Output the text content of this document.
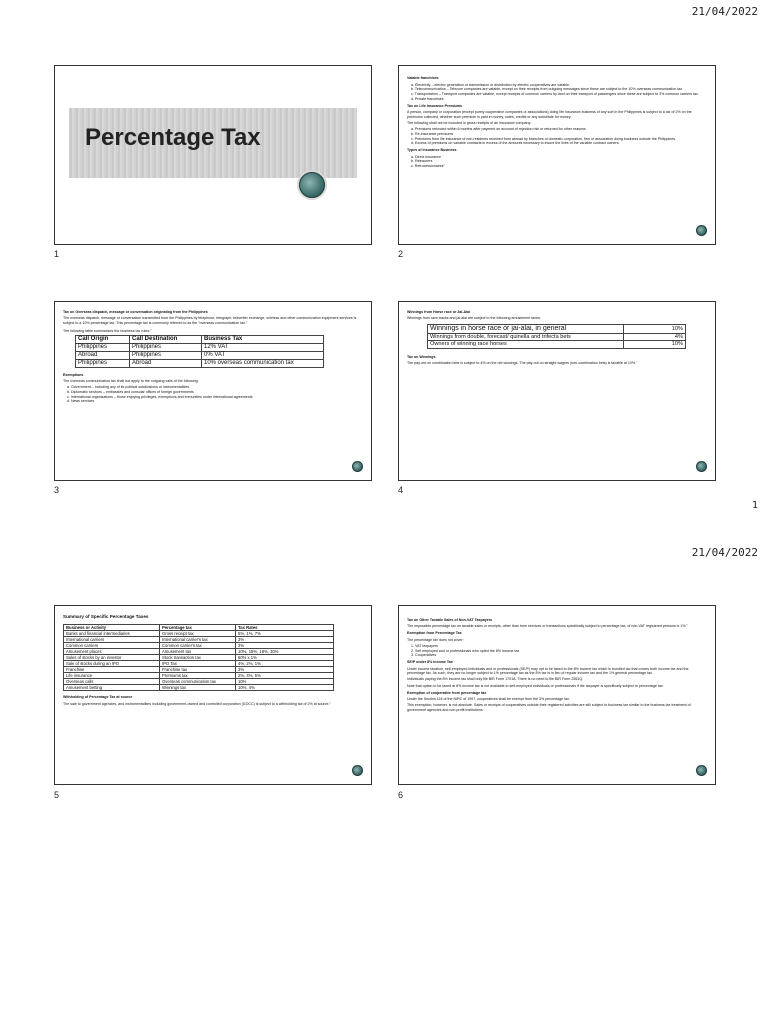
21/04/2022
Percentage Tax
1

Vatable franchises

a. Electricity – electric generation or transmission or distribution by electric cooperatives are vatable.
b. Telecommunication – Telecom companies are vatable, except on their receipts from outgoing messages since these are subject to the 10% overseas communication tax.
c. Transportation – Transport companies are vatable, except receipts of common carriers by land on their transport of passengers since these are subject to 3% common carriers tax.
d. Private franchises

Tax on Life Insurance Premiums

A person, company or corporation (except purely cooperative companies or associations) doing life insurance business of any sort in the Philippines is subject to a tax of 2% on the premiums collected, whether such premium is paid in money, notes, credits or any substitute for money.

The following shall not be included in gross receipts of an insurance company:

a. Premiums refunded within 6 months after payment on account of rejection risk or returned for other reasons
b. Re-insurance premiums
c. Premiums from life insurance of non-residents received from abroad by branches of domestic corporation, firm or association doing business outside the Philippines.
d. Excess of premiums on variable contracts in excess of the amounts necessary to insure the lives of the variable contract owners.

Types of Insurance Business

a. Direct insurance
b. Reinsurers
c. Retrocessionaires"
2

Tax on Overseas dispatch, message or conversation originating from the Philippines

The overseas dispatch, message or conversation transmitted from the Philippines by telephone, telegraph, telewriter exchange, wireless and other communication equipment services is subject to a 10% percentage tax. This percentage tax is commonly referred to as the "overseas communication tax."

The following table summarizes the business tax rules:"

Call Origin	Call Destination	Business Tax
Philippines	Philippines	12% VAT
Abroad	Philippines	0% VAT
Philippines	Abroad	10% overseas communication tax

Exemptions

The overseas communication tax shall not apply to the outgoing calls of the following:

a. Government – including any of its political subdivisions or instrumentalities
b. Diplomatic services – embassies and consular offices of foreign governments
c. International organizations – those enjoying privileges, exemptions and immunities under international agreements
d. News services
3

Winnings from Horse race or Jai-Alai

Winnings from race tracks and jai-alai are subject to the following amusement taxes:

Winnings in horse race or jai-alai, in general	10%
Winnings from double, forecast/ quinella and trifecta bets	4%
Owners of winning race horses	10%

Tax on Winnings

The pay-out on combination bets is subject to 4% on the net winnings. The pay-out on straight wagers (non-combination bets) is taxable at 10%."

4
1
21/04/2022

Summary of Specific Percentage Taxes

Business or Activity	Percentage tax	Tax Rates
Banks and financial intermediaries	Gross receipt tax	5%, 1%, 7%
International carriers	International carrier's tax	3%
Common carriers	Common carrier's tax	3%
Amusement places	Amusement tax	10%, 15%, 18%, 30%
Sales of stocks by an investor	Stock transaction tax	60% x 1%
Sale of stocks during an IPO	IPO Tax	4%, 2%, 1%
Franchise	Franchise tax	3%
Life insurance	Premiums tax	2%, 4%, 5%
Overseas calls	Overseas communication tax	10%
Amusement betting	Winnings tax	10%, 4%

Withholding of Percentage Tax at source

The sale to government agencies, and instrumentalities including government-owned and controlled corporation (GOCC) is subject to a withholding tax of 2% at source."

5

Tax on Other Taxable Sales of Non-VAT Taxpayers

The impossible percentage tax on taxable sales or receipts, other than from services or transactions specifically subject to percentage tax, of non-VAT registered persons is 1%."

Exemption from Percentage Tax

The percentage tax does not cover:

1. VAT taxpayers
2. Self employed and or professionals who opted the 8% income tax
3. Cooperatives

SE/P under 8% Income Tax

Under income taxation, self-employed individuals and or professionals (SE/P) may opt to be taxed to the 8% income tax which is bundled tax that covers both income tax and the percentage tax. As such, they are no longer subject to 1% percentage tax as the 8% tax is in lieu of regular income tax and the 1% general percentage tax.

Individuals paying the 8% income tax shall only file BIR Form 1701A. There is no need to file BIR Form 2551Q.

Note that option to be taxed at 8% income tax is not available to self-employed individuals or professionals if the taxpayer is specifically subject to percentage tax.

Exemption of cooperative from percentage tax

Under the Section 116 of the NIRC of 1997, cooperatives shall be exempt from the 3% percentage tax.

This exemption, however, is not absolute. Sales or receipts of cooperatives outside their registered activities are still subject to business tax similar to the business tax treatment of government agencies and non-profit institutions.

6
